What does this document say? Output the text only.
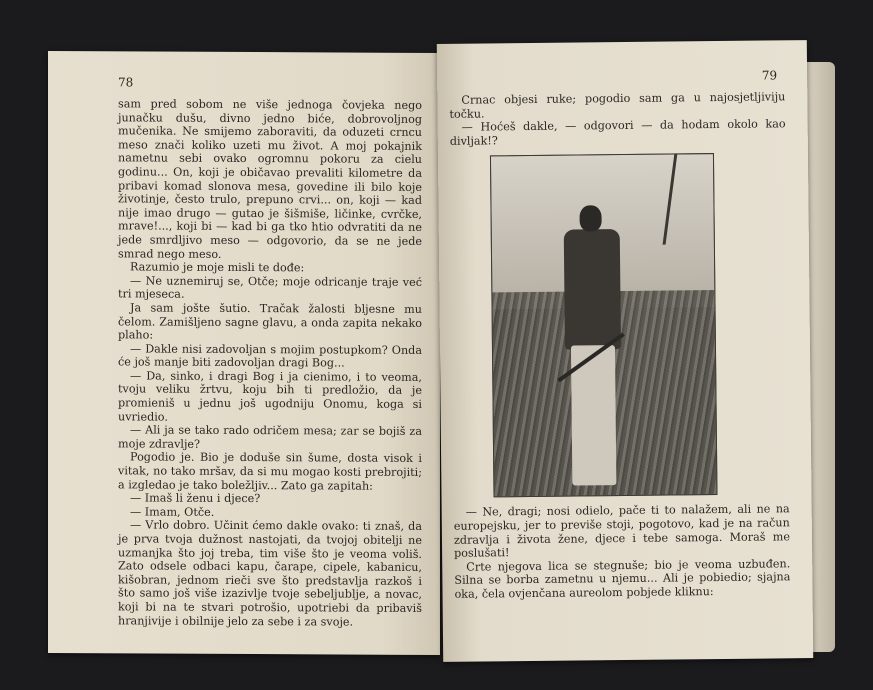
78

sam pred sobom ne više jednoga čovjeka nego junačku dušu, divno jedno biće, dobrovoljnog mučenika. Ne smijemo zaboraviti, da oduzeti crncu meso znači koliko uzeti mu život. A moj pokajnik nametnu sebi ovako ogromnu pokoru za cielu godinu... On, koji je običavao prevaliti kilometre da pribavi komad slonova mesa, govedine ili bilo koje životinje, često trulo, prepuno crvi... on, koji — kad nije imao drugo — gutao je šišmiše, ličinke, cvrčke, mrave!..., koji bi — kad bi ga tko htio odvratiti da ne jede smrdljivo meso — odgovorio, da se ne jede smrad nego meso.

Razumio je moje misli te dođe:

— Ne uznemiruj se, Otče; moje odricanje traje već tri mjeseca.

Ja sam jošte šutio. Tračak žalosti bljesne mu čelom. Zamišljeno sagne glavu, a onda zapita nekako plaho:

— Dakle nisi zadovoljan s mojim postupkom? Onda će još manje biti zadovoljan dragi Bog...

— Da, sinko, i dragi Bog i ja cienimo, i to veoma, tvoju veliku žrtvu, koju bih ti predložio, da je promieniš u jednu još ugodniju Onomu, koga si uvriedio.

— Ali ja se tako rado odričem mesa; zar se bojiš za moje zdravlje?

Pogodio je. Bio je doduše sin šume, dosta visok i vitak, no tako mršav, da si mu mogao kosti prebrojiti; a izgledao je tako boležljiv... Zato ga zapitah:

— Imaš li ženu i djece?

— Imam, Otče.

— Vrlo dobro. Učinit ćemo dakle ovako: ti znaš, da je prva tvoja dužnost nastojati, da tvojoj obitelji ne uzmanjka što joj treba, tim više što je veoma voliš. Zato odsele odbaci kapu, čarape, cipele, kabanicu, kišobran, jednom rieči sve što predstavlja razkoš i što samo još više izazivlje tvoje sebeljublje, a novac, koji bi na te stvari potrošio, upotriebi da pribaviš hranjivije i obilnije jelo za sebe i za svoje.

79

Crnac objesi ruke; pogodio sam ga u najosjetljiviju točku.

— Hoćeš dakle, — odgovori — da hodam okolo kao divljak!?

— Ne, dragi; nosi odielo, pače ti to nalažem, ali ne na europejsku, jer to previše stoji, pogotovo, kad je na račun zdravlja i života žene, djece i tebe samoga. Moraš me poslušati!

Crte njegova lica se stegnuše; bio je veoma uzbuđen. Silna se borba zametnu u njemu... Ali je pobiedio; sjajna oka, čela ovjenčana aureolom pobjede kliknu:
